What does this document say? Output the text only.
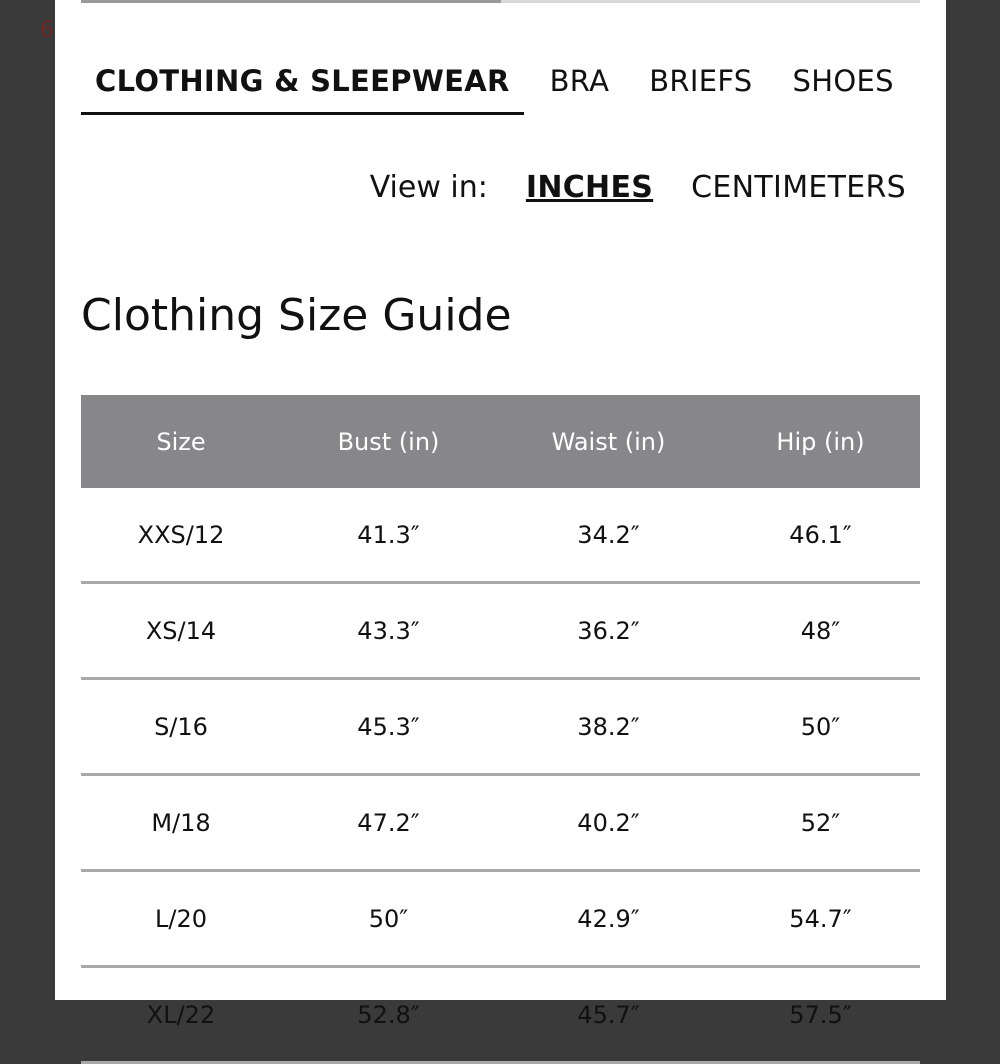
6
CLOTHING & SLEEPWEAR	BRA	BRIEFS	SHOES
View in: INCHES CENTIMETERS
Clothing Size Guide
Size	Bust (in)	Waist (in)	Hip (in)
XXS/12	41.3″	34.2″	46.1″
XS/14	43.3″	36.2″	48″
S/16	45.3″	38.2″	50″
M/18	47.2″	40.2″	52″
L/20	50″	42.9″	54.7″
XL/22	52.8″	45.7″	57.5″
